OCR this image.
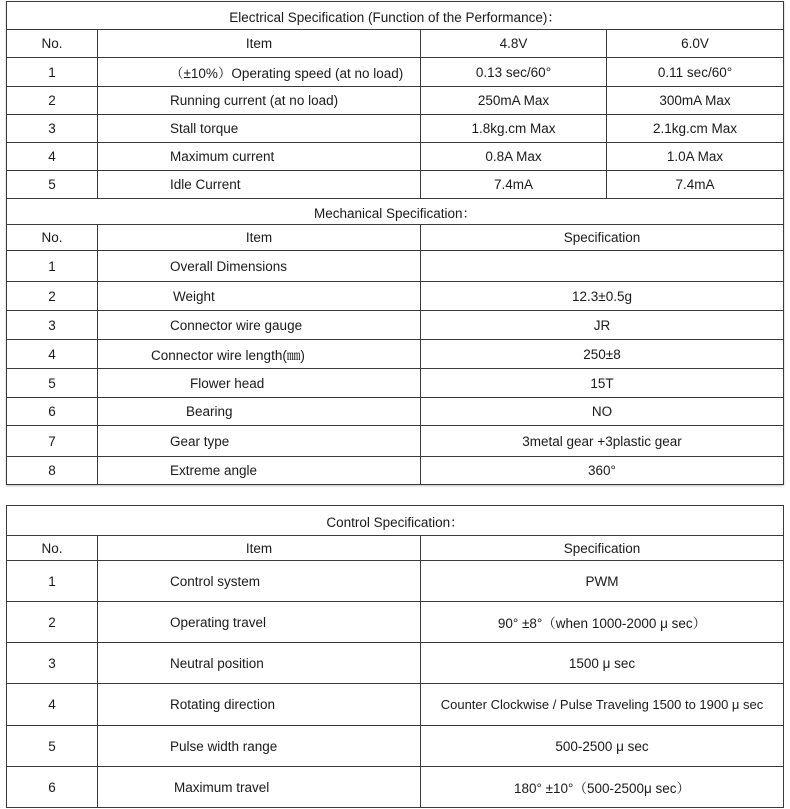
Electrical Specification (Function of the Performance)：			
No.	Item	4.8V	6.0V
1	（±10%）Operating speed (at no load)	0.13 sec/60°	0.11 sec/60°
2	Running current (at no load)	250mA Max	300mA Max
3	Stall torque	1.8kg.cm Max	2.1kg.cm Max
4	Maximum current	0.8A Max	1.0A Max
5	Idle Current	7.4mA	7.4mA
Mechanical Specification：			
No.	Item	Specification	
1	Overall Dimensions		
2	Weight	12.3±0.5g	
3	Connector wire gauge	JR	
4	Connector wire length(㎜)	250±8	
5	Flower head	15T	
6	Bearing	NO	
7	Gear type	3metal gear +3plastic gear	
8	Extreme angle	360°	
Control Specification：		
No.	Item	Specification
1	Control system	PWM
2	Operating travel	90° ±8°（when 1000-2000 μ sec）
3	Neutral position	1500 μ sec
4	Rotating direction	Counter Clockwise / Pulse Traveling 1500 to 1900 μ sec
5	Pulse width range	500-2500 μ sec
6	Maximum travel	180° ±10°（500-2500μ sec）
